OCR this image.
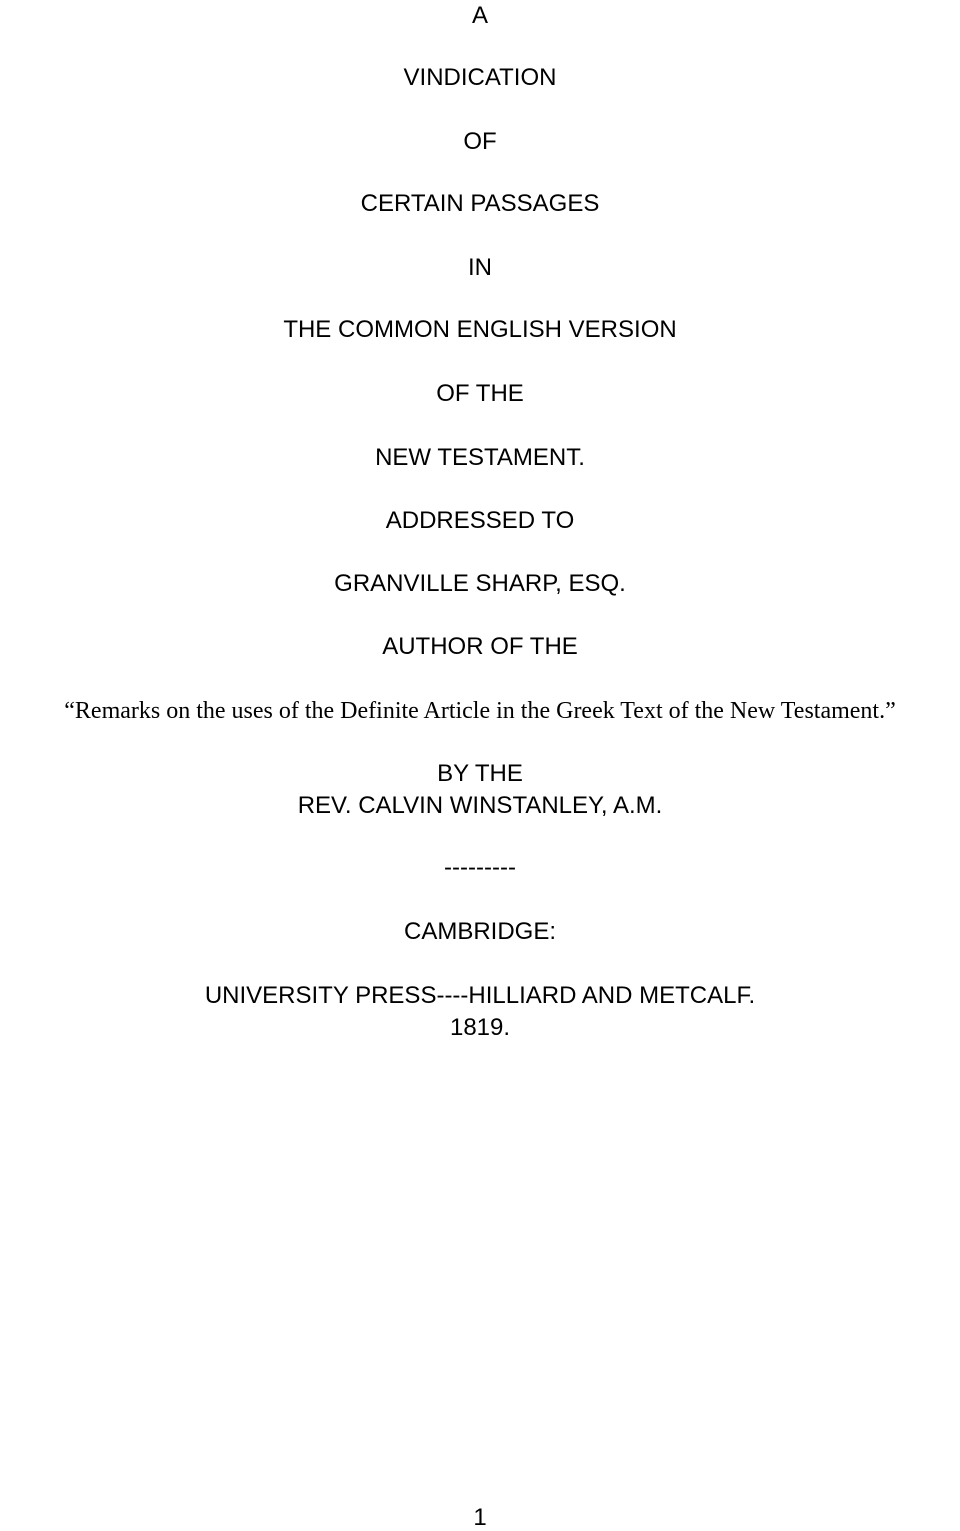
A
VINDICATION
OF
CERTAIN PASSAGES
IN
THE COMMON ENGLISH VERSION
OF THE
NEW TESTAMENT.
ADDRESSED TO
GRANVILLE SHARP, ESQ.
AUTHOR OF THE
“Remarks on the uses of the Definite Article in the Greek Text of the New Testament.”
BY THE
REV. CALVIN WINSTANLEY, A.M.
---------
CAMBRIDGE:
UNIVERSITY PRESS----HILLIARD AND METCALF.
1819.
1
